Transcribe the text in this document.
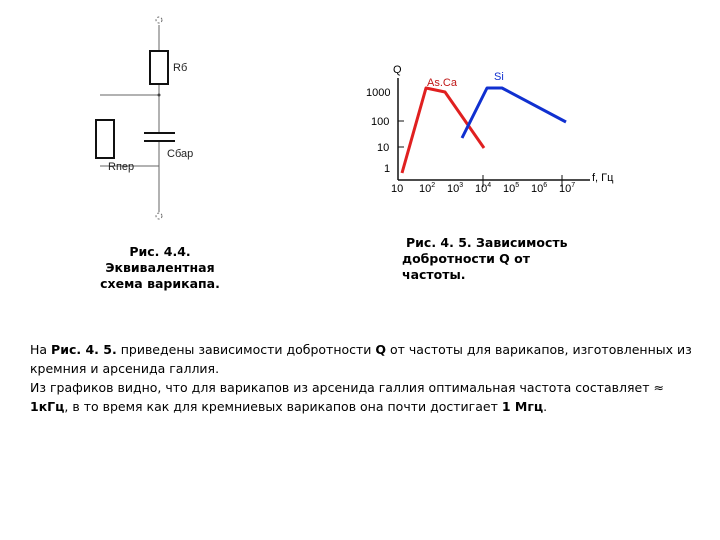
Rб
Rпер
Сбар
Рис. 4.4.
Эквивалентная
схема варикапа.
Q
1000
100
10
1
10 $10^2$ $10^3$ $10^4$ $10^5$ $10^6$ $10^7$
f, Гц
As.Ca	Si
Рис. 4. 5. Зависимость
добротности Q от
частоты.
На Рис. 4. 5. приведены зависимости добротности Q от частоты для варикапов, изготовленных из кремния и арсенида галлия.
Из графиков видно, что для варикапов из арсенида галлия оптимальная частота составляет ≈ 1кГц, в то время как для кремниевых варикапов она почти достигает 1 Мгц.
